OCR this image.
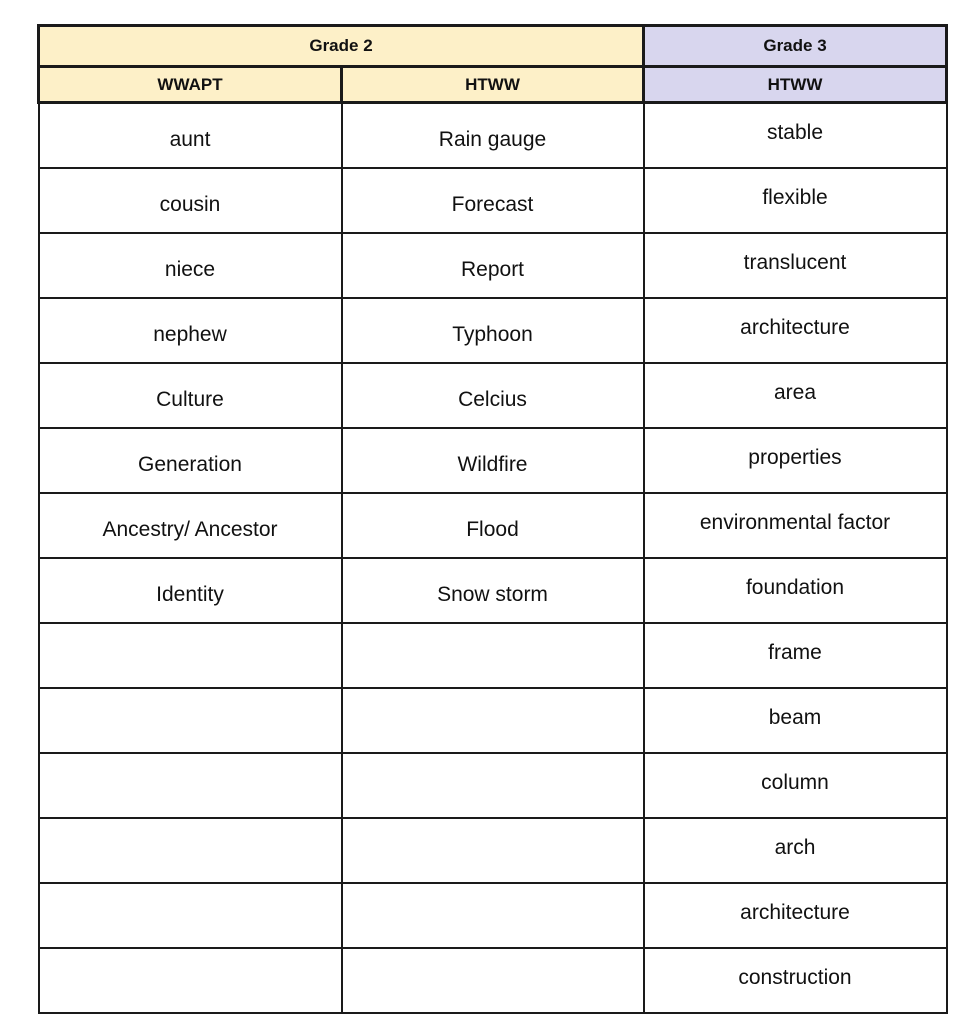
Grade 2		Grade 3
WWAPT	HTWW	HTWW
aunt	Rain gauge	stable
cousin	Forecast	flexible
niece	Report	translucent
nephew	Typhoon	architecture
Culture	Celcius	area
Generation	Wildfire	properties
Ancestry/ Ancestor	Flood	environmental factor
Identity	Snow storm	foundation
		frame
		beam
		column
		arch
		architecture
		construction
